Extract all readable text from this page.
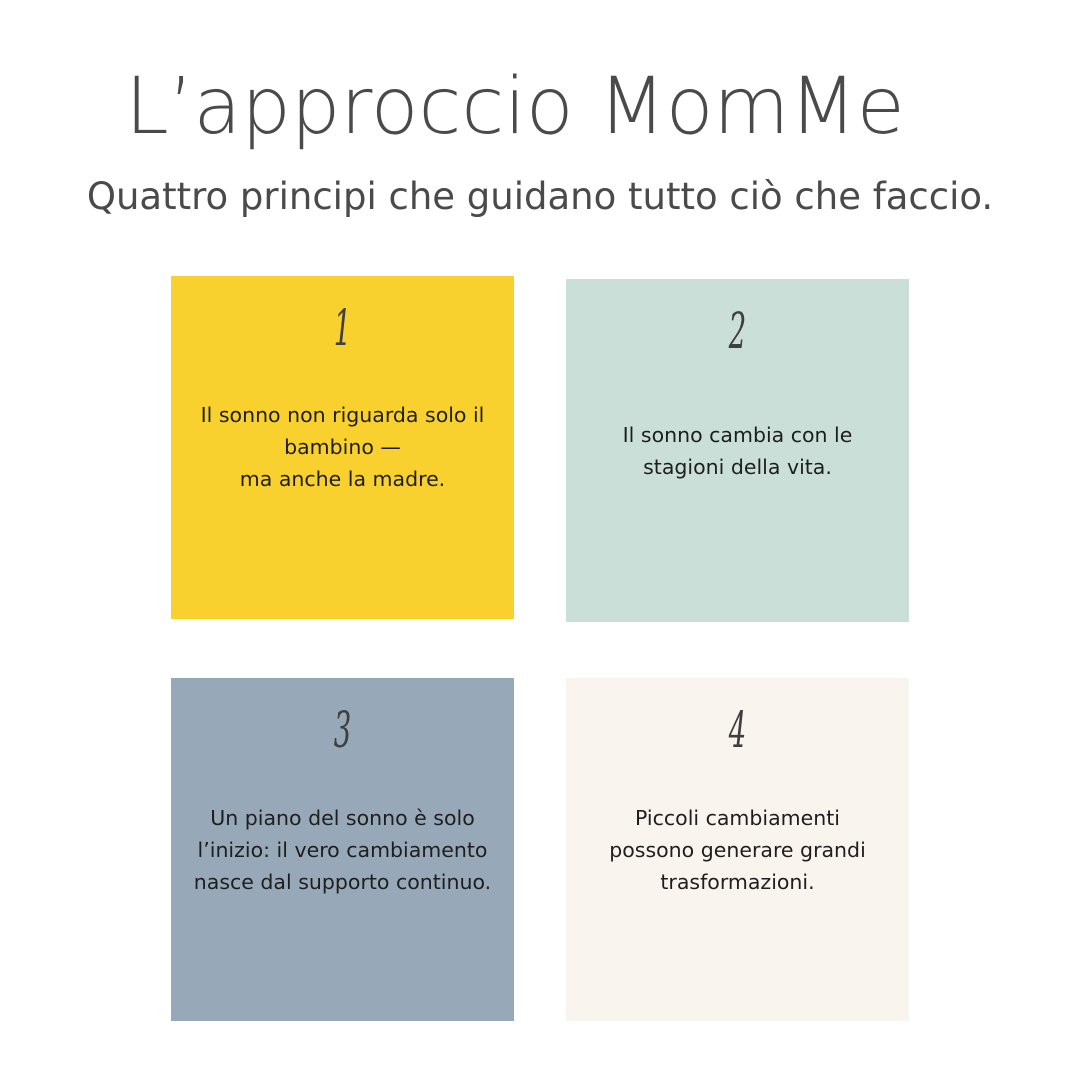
L’approccio MomMe

Quattro principi che guidano tutto ciò che faccio.

1
Il sonno non riguarda solo il
bambino —
ma anche la madre.
2
Il sonno cambia con le
stagioni della vita.
3
Un piano del sonno è solo
l’inizio: il vero cambiamento
nasce dal supporto continuo.
4
Piccoli cambiamenti
possono generare grandi
trasformazioni.
